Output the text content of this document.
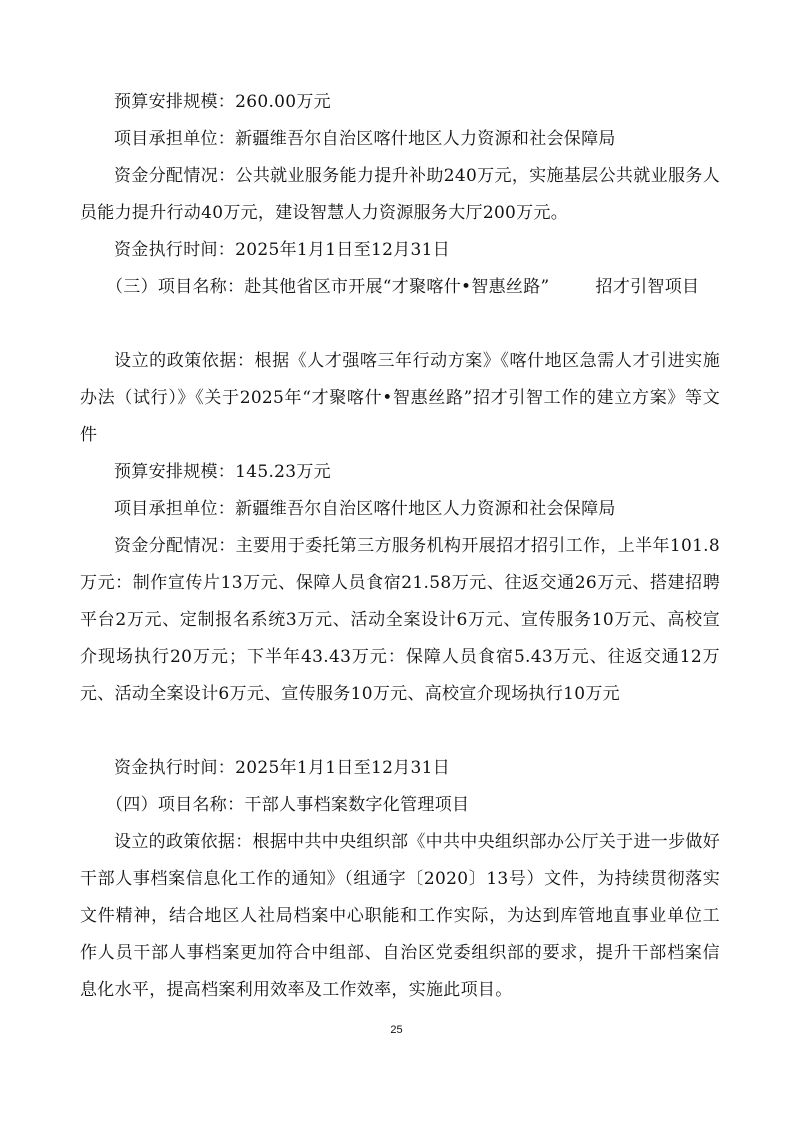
预算安排规模：260.00万元

项目承担单位：新疆维吾尔自治区喀什地区人力资源和社会保障局

资金分配情况：公共就业服务能力提升补助240万元，实施基层公共就业服务人员能力提升行动40万元，建设智慧人力资源服务大厅200万元。

资金执行时间：2025年1月1日至12月31日

（三）项目名称：赴其他省区市开展“才聚喀什•智惠丝路”	招才引智项目

设立的政策依据：根据《人才强喀三年行动方案》《喀什地区急需人才引进实施办法（试行）》《关于2025年“才聚喀什•智惠丝路”招才引智工作的建立方案》等文件

预算安排规模：145.23万元

项目承担单位：新疆维吾尔自治区喀什地区人力资源和社会保障局

资金分配情况：主要用于委托第三方服务机构开展招才招引工作，上半年101.8万元：制作宣传片13万元、保障人员食宿21.58万元、往返交通26万元、搭建招聘平台2万元、定制报名系统3万元、活动全案设计6万元、宣传服务10万元、高校宣介现场执行20万元；下半年43.43万元：保障人员食宿5.43万元、往返交通12万元、活动全案设计6万元、宣传服务10万元、高校宣介现场执行10万元

资金执行时间：2025年1月1日至12月31日

（四）项目名称：干部人事档案数字化管理项目

设立的政策依据：根据中共中央组织部《中共中央组织部办公厅关于进一步做好干部人事档案信息化工作的通知》（组通字〔2020〕13号）文件，为持续贯彻落实文件精神，结合地区人社局档案中心职能和工作实际，为达到库管地直事业单位工作人员干部人事档案更加符合中组部、自治区党委组织部的要求，提升干部档案信息化水平，提高档案利用效率及工作效率，实施此项目。

25
